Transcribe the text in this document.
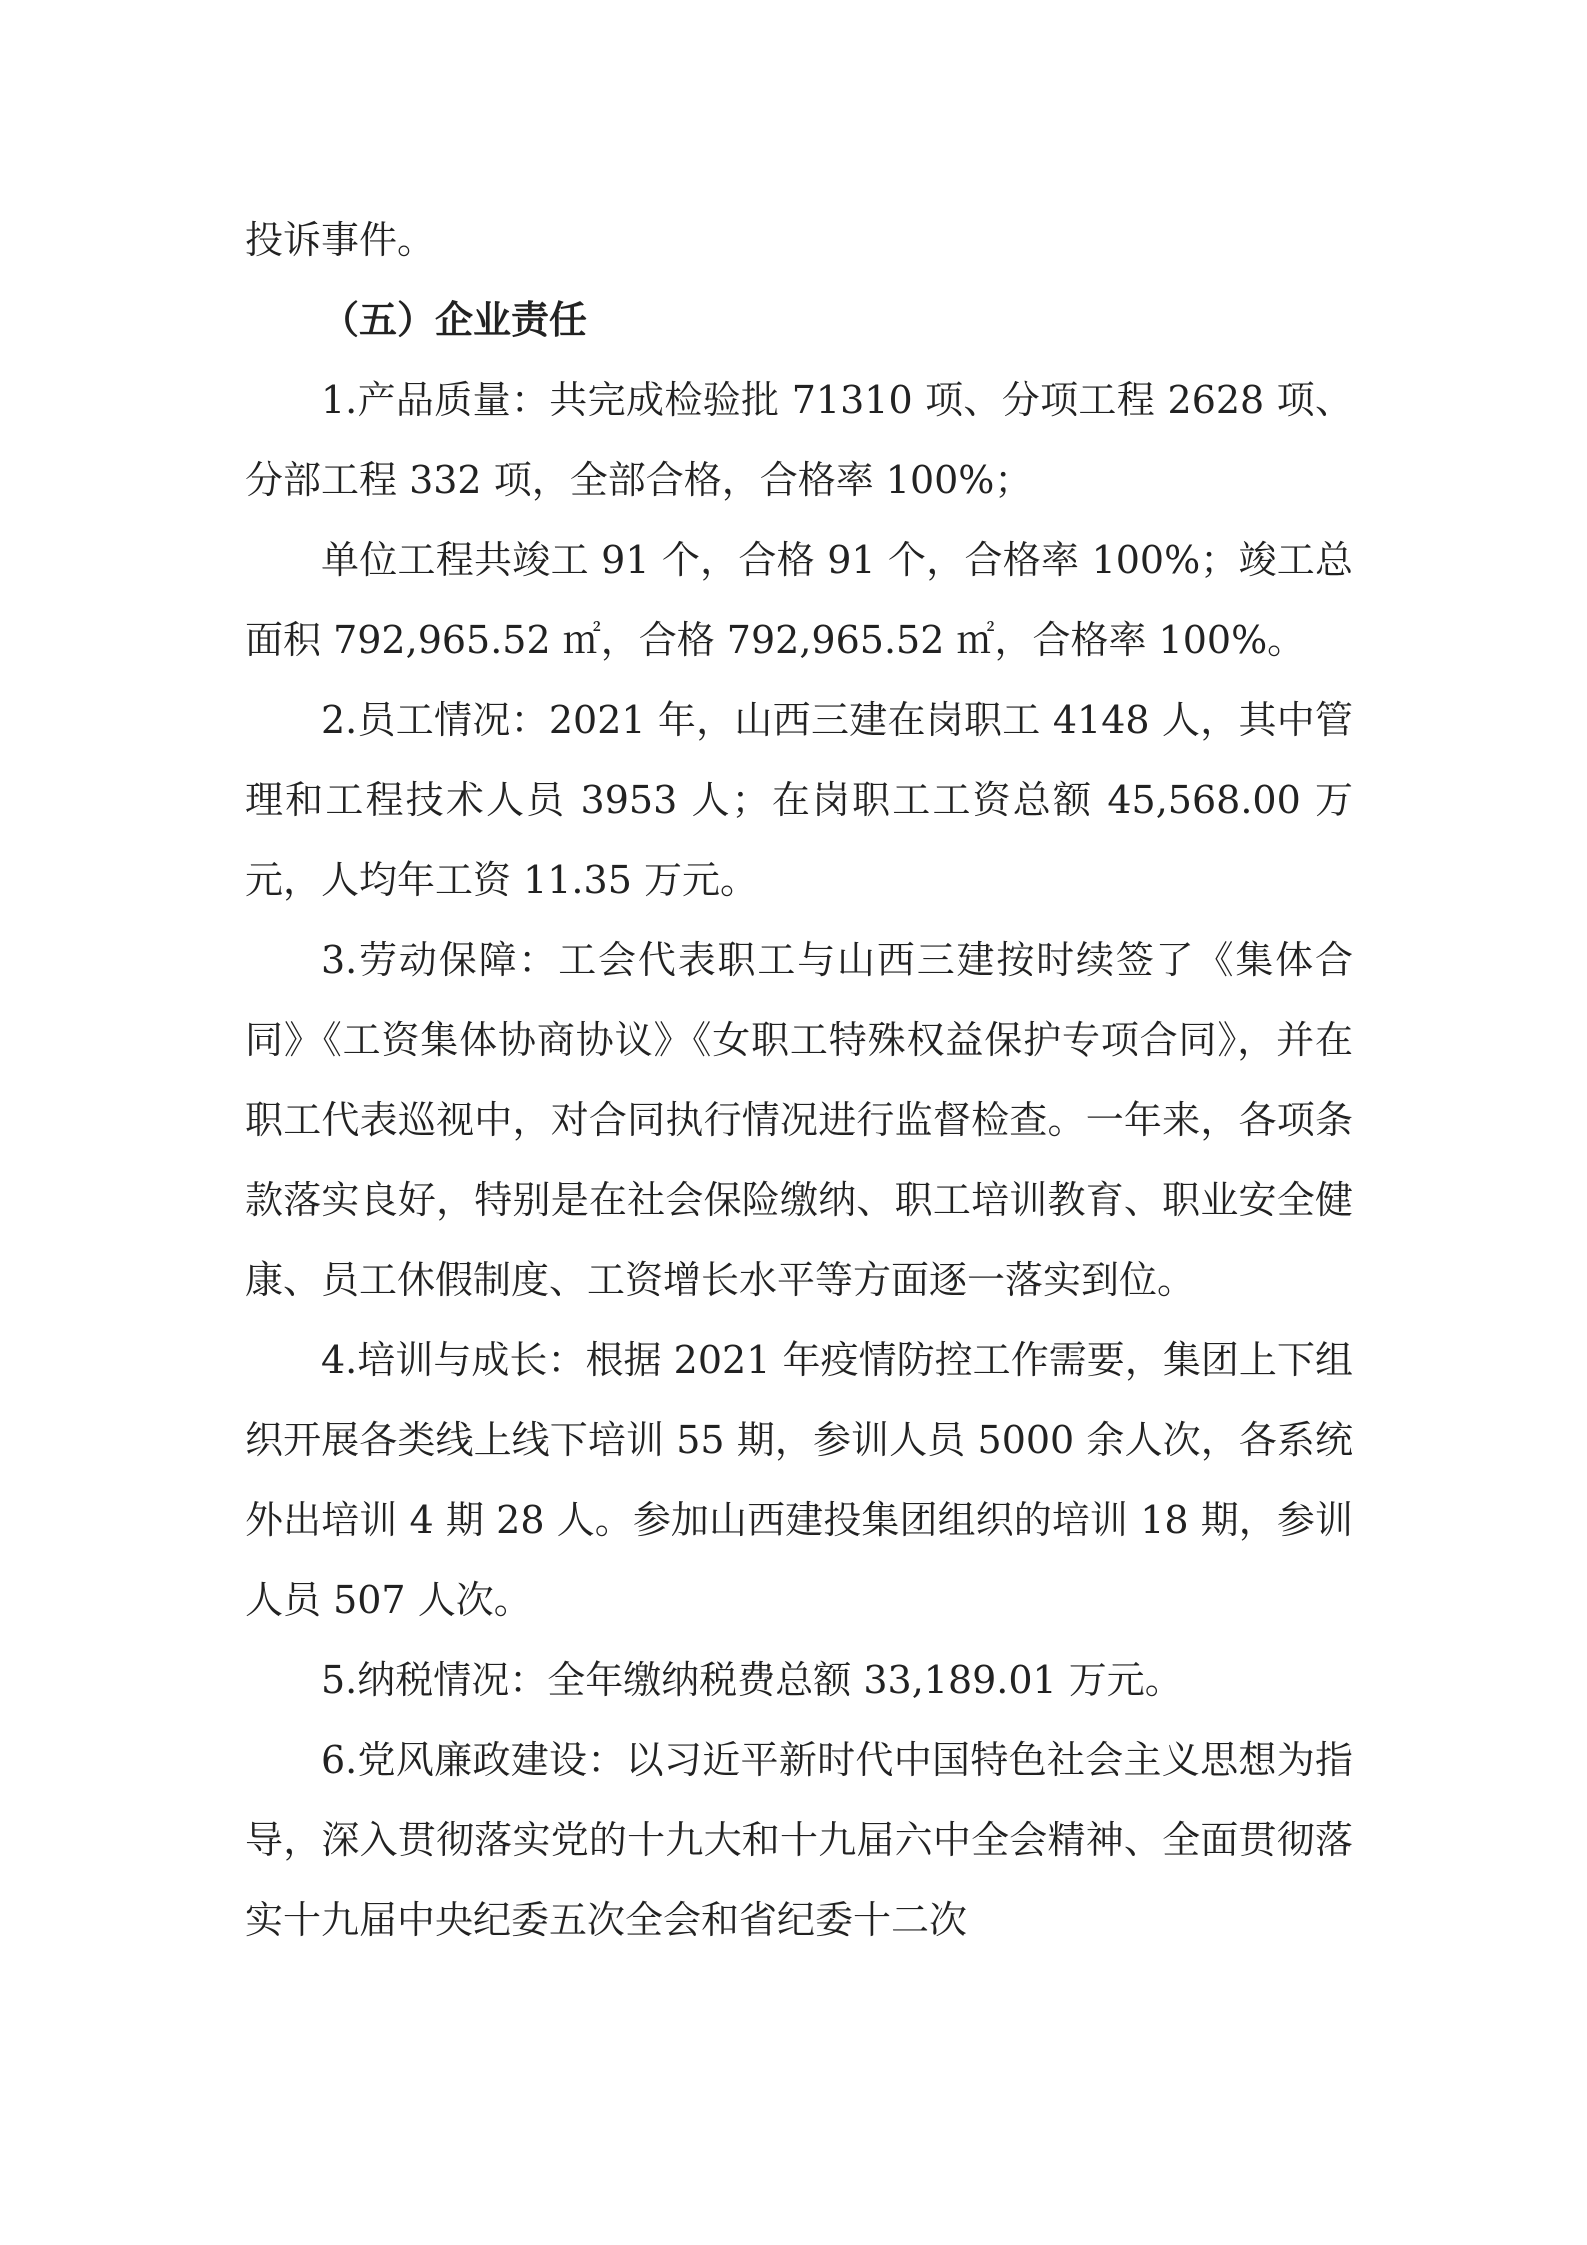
投诉事件。

（五）企业责任

1.产品质量：共完成检验批 71310 项、分项工程 2628 项、分部工程 332 项，全部合格，合格率 100%；

单位工程共竣工 91 个，合格 91 个，合格率 100%；竣工总面积 792,965.52 ㎡，合格 792,965.52 ㎡，合格率 100%。

2.员工情况：2021 年，山西三建在岗职工 4148 人，其中管理和工程技术人员 3953 人；在岗职工工资总额 45,568.00 万元，人均年工资 11.35 万元。

3.劳动保障：工会代表职工与山西三建按时续签了《集体合同》《工资集体协商协议》《女职工特殊权益保护专项合同》，并在职工代表巡视中，对合同执行情况进行监督检查。一年来，各项条款落实良好，特别是在社会保险缴纳、职工培训教育、职业安全健康、员工休假制度、工资增长水平等方面逐一落实到位。

4.培训与成长：根据 2021 年疫情防控工作需要，集团上下组织开展各类线上线下培训 55 期，参训人员 5000 余人次，各系统外出培训 4 期 28 人。参加山西建投集团组织的培训 18 期，参训人员 507 人次。

5.纳税情况：全年缴纳税费总额 33,189.01 万元。

6.党风廉政建设：以习近平新时代中国特色社会主义思想为指导，深入贯彻落实党的十九大和十九届六中全会精神、全面贯彻落实十九届中央纪委五次全会和省纪委十二次
